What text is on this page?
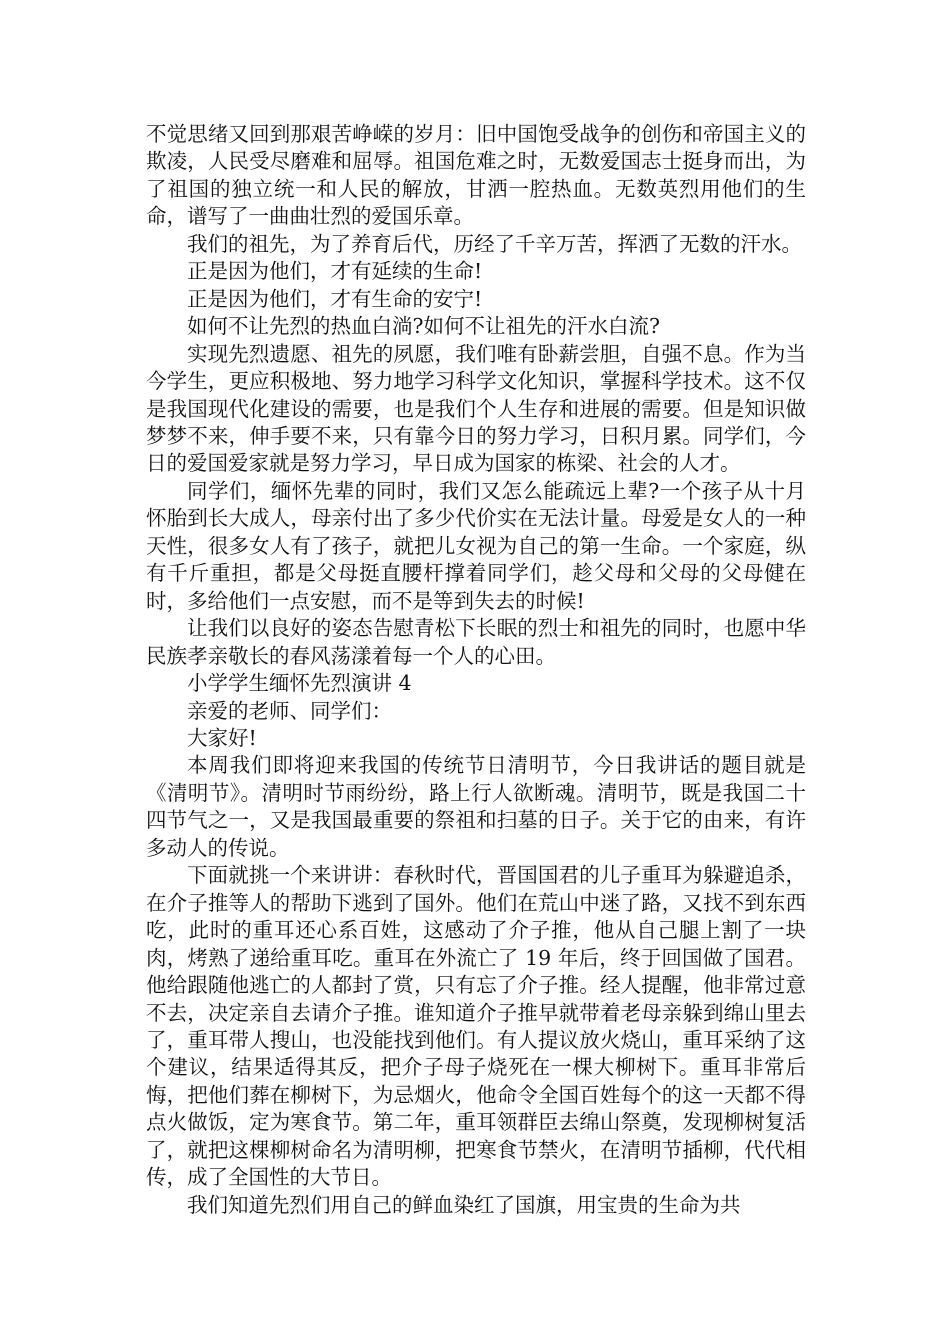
不觉思绪又回到那艰苦峥嵘的岁月：旧中国饱受战争的创伤和帝国主义的欺凌，人民受尽磨难和屈辱。祖国危难之时，无数爱国志士挺身而出，为了祖国的独立统一和人民的解放，甘洒一腔热血。无数英烈用他们的生命，谱写了一曲曲壮烈的爱国乐章。

我们的祖先，为了养育后代，历经了千辛万苦，挥洒了无数的汗水。

正是因为他们，才有延续的生命!

正是因为他们，才有生命的安宁!

如何不让先烈的热血白淌?如何不让祖先的汗水白流?

实现先烈遗愿、祖先的夙愿，我们唯有卧薪尝胆，自强不息。作为当今学生，更应积极地、努力地学习科学文化知识，掌握科学技术。这不仅是我国现代化建设的需要，也是我们个人生存和进展的需要。但是知识做梦梦不来，伸手要不来，只有靠今日的努力学习，日积月累。同学们，今日的爱国爱家就是努力学习，早日成为国家的栋梁、社会的人才。

同学们，缅怀先辈的同时，我们又怎么能疏远上辈?一个孩子从十月怀胎到长大成人，母亲付出了多少代价实在无法计量。母爱是女人的一种天性，很多女人有了孩子，就把儿女视为自己的第一生命。一个家庭，纵有千斤重担，都是父母挺直腰杆撑着同学们，趁父母和父母的父母健在时，多给他们一点安慰，而不是等到失去的时候!

让我们以良好的姿态告慰青松下长眠的烈士和祖先的同时，也愿中华民族孝亲敬长的春风荡漾着每一个人的心田。

小学学生缅怀先烈演讲 4

亲爱的老师、同学们：

大家好!

本周我们即将迎来我国的传统节日清明节，今日我讲话的题目就是《清明节》。清明时节雨纷纷，路上行人欲断魂。清明节，既是我国二十四节气之一，又是我国最重要的祭祖和扫墓的日子。关于它的由来，有许多动人的传说。

下面就挑一个来讲讲：春秋时代，晋国国君的儿子重耳为躲避追杀，在介子推等人的帮助下逃到了国外。他们在荒山中迷了路，又找不到东西吃，此时的重耳还心系百姓，这感动了介子推，他从自己腿上割了一块肉，烤熟了递给重耳吃。重耳在外流亡了 19 年后，终于回国做了国君。他给跟随他逃亡的人都封了赏，只有忘了介子推。经人提醒，他非常过意不去，决定亲自去请介子推。谁知道介子推早就带着老母亲躲到绵山里去了，重耳带人搜山，也没能找到他们。有人提议放火烧山，重耳采纳了这个建议，结果适得其反，把介子母子烧死在一棵大柳树下。重耳非常后悔，把他们葬在柳树下，为忌烟火，他命令全国百姓每个的这一天都不得点火做饭，定为寒食节。第二年，重耳领群臣去绵山祭奠，发现柳树复活了，就把这棵柳树命名为清明柳，把寒食节禁火，在清明节插柳，代代相传，成了全国性的大节日。

我们知道先烈们用自己的鲜血染红了国旗，用宝贵的生命为共
